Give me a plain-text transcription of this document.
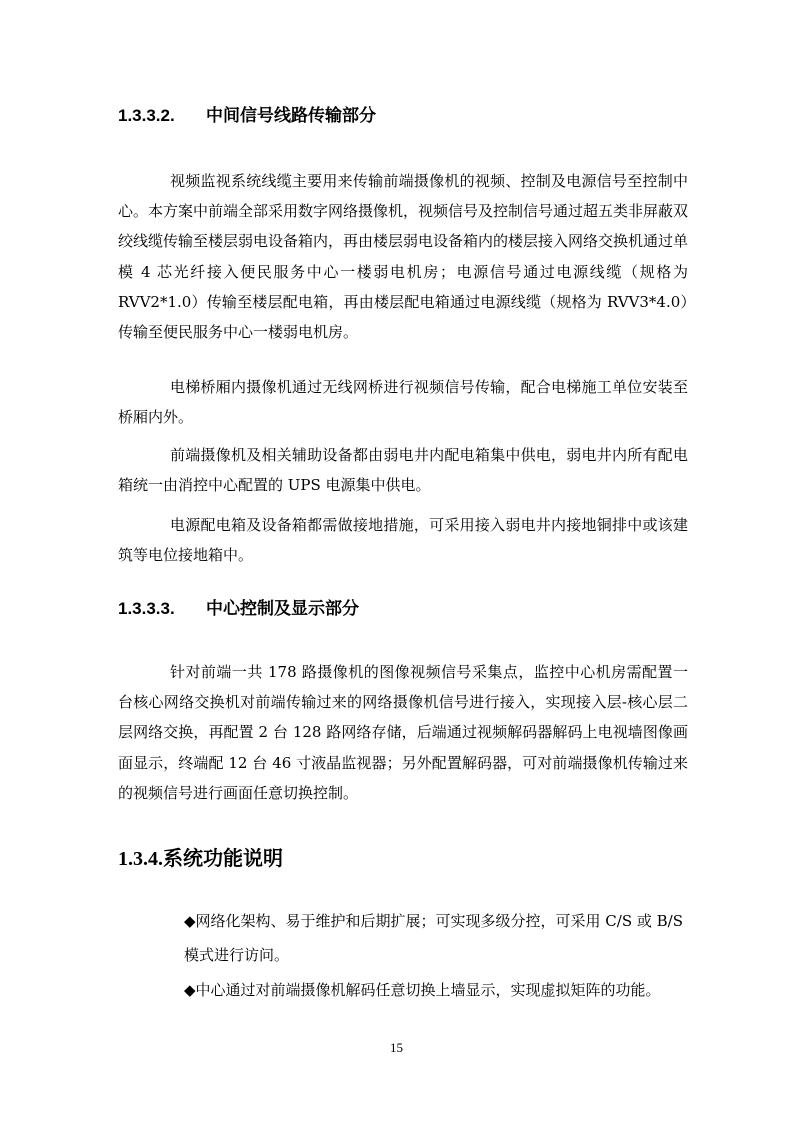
1.3.3.2. 中间信号线路传输部分
视频监视系统线缆主要用来传输前端摄像机的视频、控制及电源信号至控制中心。本方案中前端全部采用数字网络摄像机，视频信号及控制信号通过超五类非屏蔽双绞线缆传输至楼层弱电设备箱内，再由楼层弱电设备箱内的楼层接入网络交换机通过单模 4 芯光纤接入便民服务中心一楼弱电机房；电源信号通过电源线缆（规格为 RVV2*1.0）传输至楼层配电箱，再由楼层配电箱通过电源线缆（规格为 RVV3*4.0）传输至便民服务中心一楼弱电机房。
电梯桥厢内摄像机通过无线网桥进行视频信号传输，配合电梯施工单位安装至桥厢内外。
前端摄像机及相关辅助设备都由弱电井内配电箱集中供电，弱电井内所有配电箱统一由消控中心配置的 UPS 电源集中供电。
电源配电箱及设备箱都需做接地措施，可采用接入弱电井内接地铜排中或该建筑等电位接地箱中。
1.3.3.3. 中心控制及显示部分
针对前端一共 178 路摄像机的图像视频信号采集点，监控中心机房需配置一台核心网络交换机对前端传输过来的网络摄像机信号进行接入，实现接入层-核心层二层网络交换，再配置 2 台 128 路网络存储，后端通过视频解码器解码上电视墙图像画面显示，终端配 12 台 46 寸液晶监视器；另外配置解码器，可对前端摄像机传输过来的视频信号进行画面任意切换控制。
1.3.4.系统功能说明
◆网络化架构、易于维护和后期扩展；可实现多级分控，可采用 C/S 或 B/S 模式进行访问。
◆中心通过对前端摄像机解码任意切换上墙显示，实现虚拟矩阵的功能。
15
